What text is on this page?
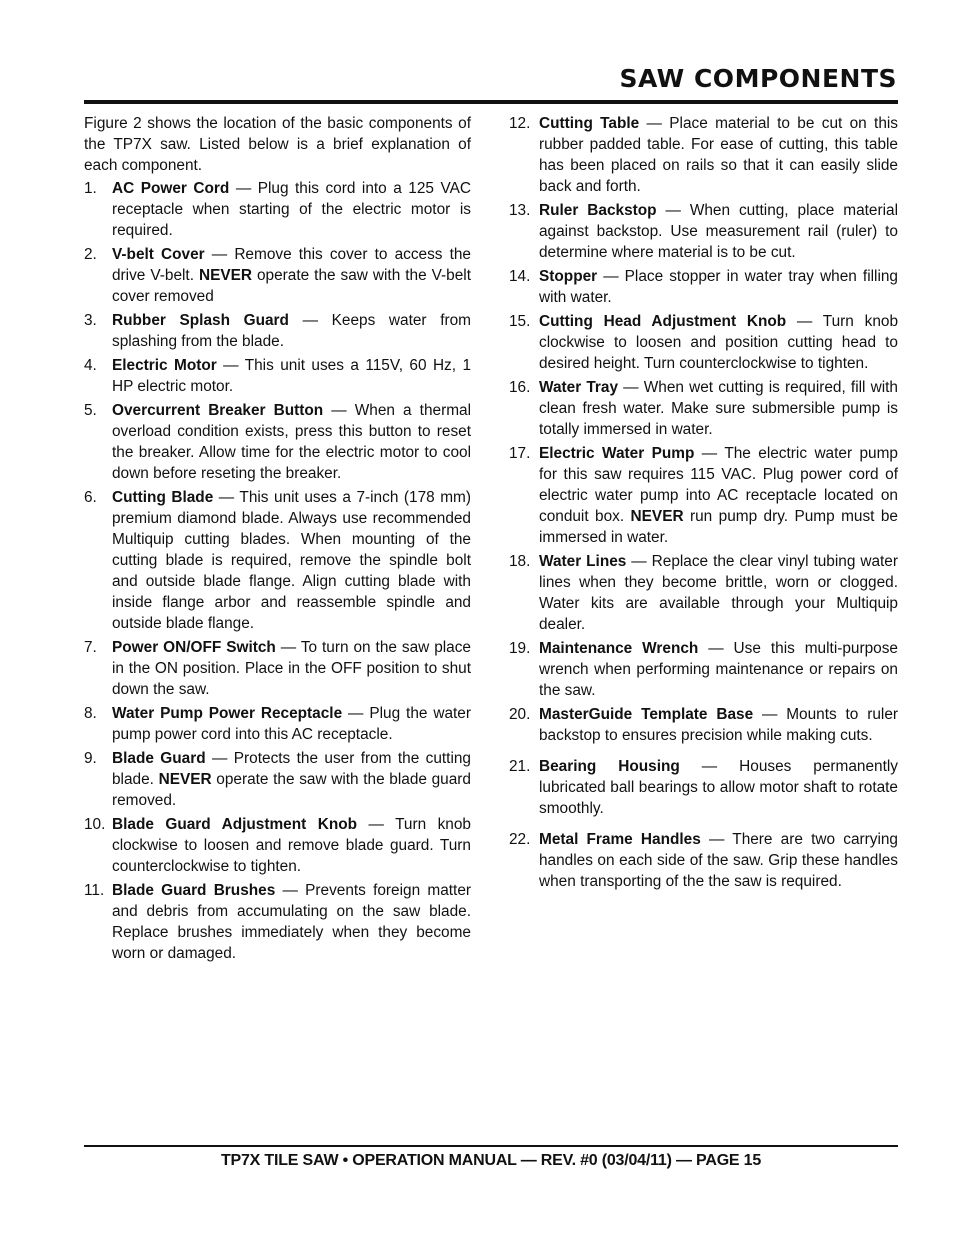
SAW COMPONENTS

Figure 2 shows the location of the basic components of the TP7X saw. Listed below is a brief explanation of each component.

1. AC Power Cord — Plug this cord into a 125 VAC receptacle when starting of the electric motor is required.
2. V-belt Cover — Remove this cover to access the drive V-belt. NEVER operate the saw with the V-belt cover removed
3. Rubber Splash Guard — Keeps water from splashing from the blade.
4. Electric Motor — This unit uses a 115V, 60 Hz, 1 HP electric motor.
5. Overcurrent Breaker Button — When a thermal overload condition exists, press this button to reset the breaker. Allow time for the electric motor to cool down before reseting the breaker.
6. Cutting Blade — This unit uses a 7-inch (178 mm) premium diamond blade. Always use recommended Multiquip cutting blades. When mounting of the cutting blade is required, remove the spindle bolt and outside blade flange. Align cutting blade with inside flange arbor and reassemble spindle and outside blade flange.
7. Power ON/OFF Switch — To turn on the saw place in the ON position. Place in the OFF position to shut down the saw.
8. Water Pump Power Receptacle — Plug the water pump power cord into this AC receptacle.
9. Blade Guard — Protects the user from the cutting blade. NEVER operate the saw with the blade guard removed.
10. Blade Guard Adjustment Knob — Turn knob clockwise to loosen and remove blade guard. Turn counterclockwise to tighten.
11. Blade Guard Brushes — Prevents foreign matter and debris from accumulating on the saw blade. Replace brushes immediately when they become worn or damaged.
12. Cutting Table — Place material to be cut on this rubber padded table. For ease of cutting, this table has been placed on rails so that it can easily slide back and forth.
13. Ruler Backstop — When cutting, place material against backstop. Use measurement rail (ruler) to determine where material is to be cut.
14. Stopper — Place stopper in water tray when filling with water.
15. Cutting Head Adjustment Knob — Turn knob clockwise to loosen and position cutting head to desired height. Turn counterclockwise to tighten.
16. Water Tray — When wet cutting is required, fill with clean fresh water. Make sure submersible pump is totally immersed in water.
17. Electric Water Pump — The electric water pump for this saw requires 115 VAC. Plug power cord of electric water pump into AC receptacle located on conduit box. NEVER run pump dry. Pump must be immersed in water.
18. Water Lines — Replace the clear vinyl tubing water lines when they become brittle, worn or clogged. Water kits are available through your Multiquip dealer.
19. Maintenance Wrench — Use this multi-purpose wrench when performing maintenance or repairs on the saw.
20. MasterGuide Template Base — Mounts to ruler backstop to ensures precision while making cuts.
21. Bearing Housing — Houses permanently lubricated ball bearings to allow motor shaft to rotate smoothly.
22. Metal Frame Handles — There are two carrying handles on each side of the saw. Grip these handles when transporting of the the saw is required.
TP7X TILE SAW • OPERATION MANUAL — REV. #0 (03/04/11) — PAGE 15
